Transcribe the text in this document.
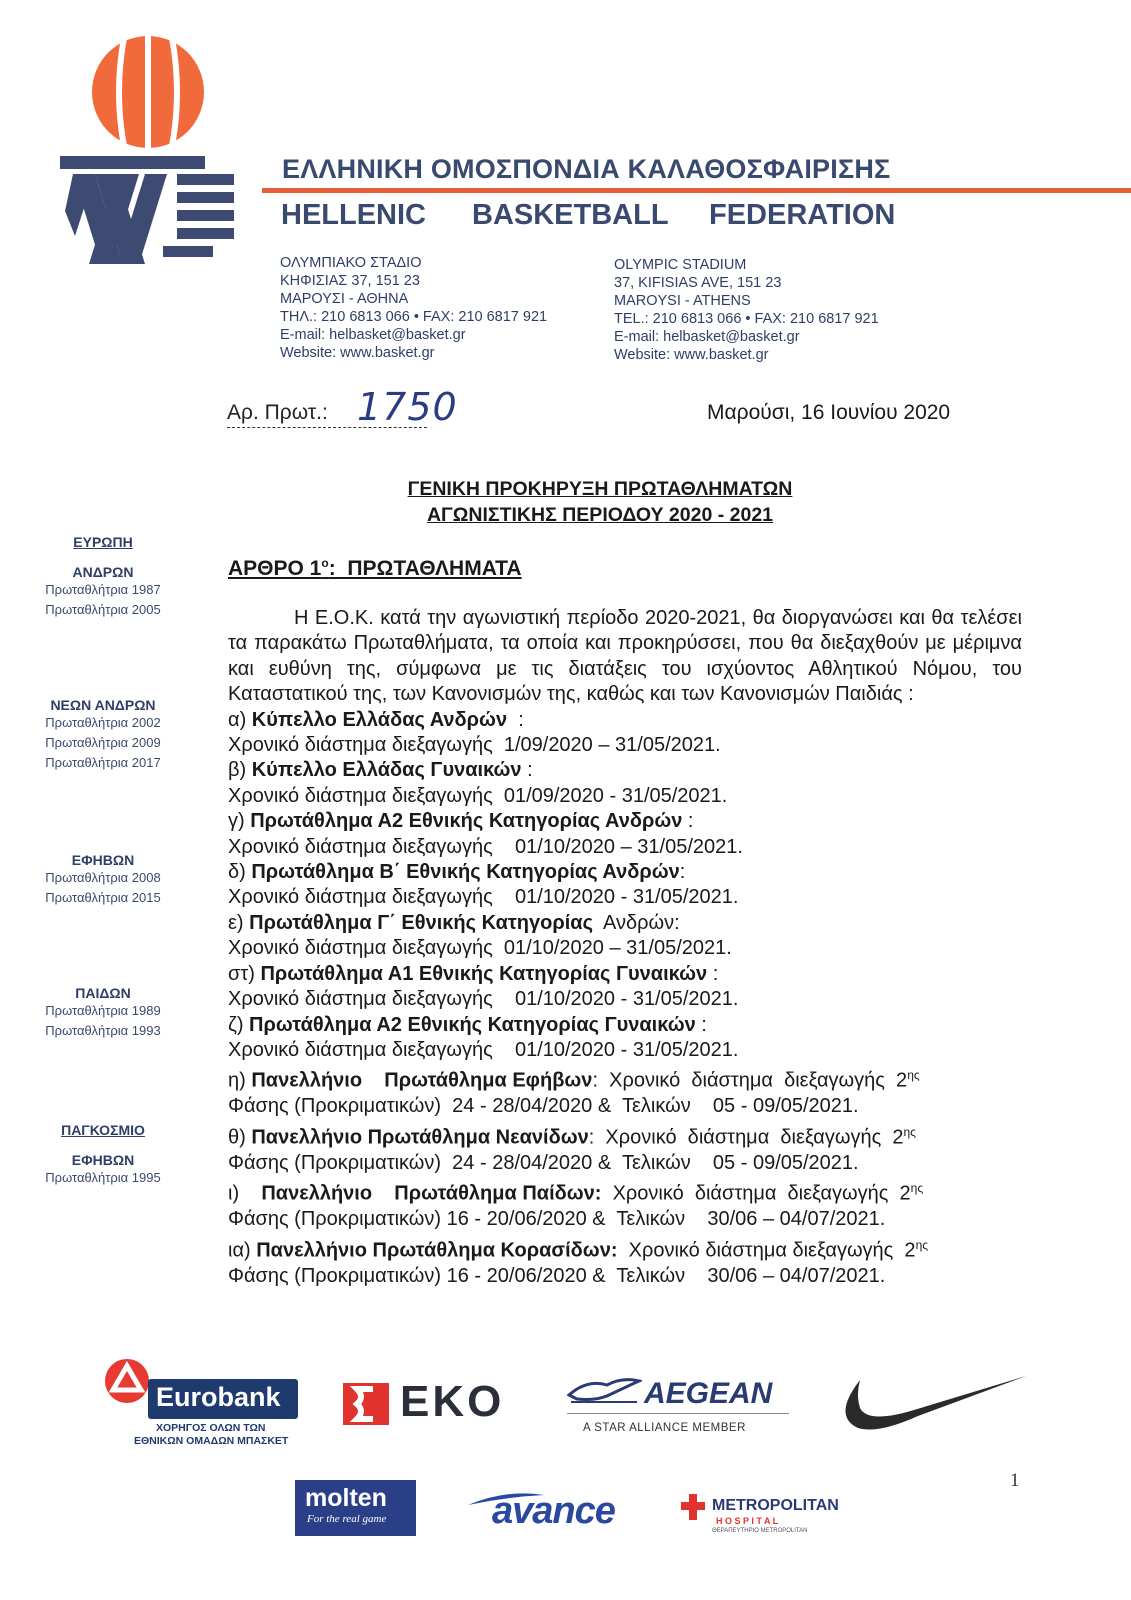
ΕΛΛΗΝΙΚΗ ΟΜΟΣΠΟΝΔΙΑ ΚΑΛΑΘΟΣΦΑΙΡΙΣΗΣ
HELLENIC BASKETBALL FEDERATION
ΟΛΥΜΠΙΑΚΟ ΣΤΑΔΙΟ
ΚΗΦΙΣΙΑΣ 37, 151 23
ΜΑΡΟΥΣΙ - ΑΘΗΝΑ
ΤΗΛ.: 210 6813 066 • FAX: 210 6817 921
E-mail: helbasket@basket.gr
Website: www.basket.gr
OLYMPIC STADIUM
37, KIFISIAS AVE, 151 23
MAROYSI - ATHENS
TEL.: 210 6813 066 • FAX: 210 6817 921
E-mail: helbasket@basket.gr
Website: www.basket.gr
Αρ. Πρωτ.: 1750	Μαρούσι, 16 Ιουνίου 2020
ΓΕΝΙΚΗ ΠΡΟΚΗΡΥΞΗ ΠΡΩΤΑΘΛΗΜΑΤΩΝ
ΑΓΩΝΙΣΤΙΚΗΣ ΠΕΡΙΟΔΟΥ 2020 - 2021
ΑΡΘΡΟ $1^o$:  ΠΡΩΤΑΘΛΗΜΑΤΑ

Η Ε.Ο.Κ. κατά την αγωνιστική περίοδο 2020-2021, θα διοργανώσει και θα τελέσει τα παρακάτω Πρωταθλήματα, τα οποία και προκηρύσσει, που θα διεξαχθούν με μέριμνα και ευθύνη της, σύμφωνα με τις διατάξεις του ισχύοντος Αθλητικού Νόμου, του Καταστατικού της, των Κανονισμών της, καθώς και των Κανονισμών Παιδιάς :

α) Κύπελλο Ελλάδας Ανδρών  :

Χρονικό διάστημα διεξαγωγής  1/09/2020 – 31/05/2021.

β) Κύπελλο Ελλάδας Γυναικών :

Χρονικό διάστημα διεξαγωγής  01/09/2020 - 31/05/2021.

γ) Πρωτάθλημα Α2 Εθνικής Κατηγορίας Ανδρών :

Χρονικό διάστημα διεξαγωγής    01/10/2020 – 31/05/2021.

δ) Πρωτάθλημα Β΄ Εθνικής Κατηγορίας Ανδρών:

Χρονικό διάστημα διεξαγωγής    01/10/2020 - 31/05/2021.

ε) Πρωτάθλημα Γ΄ Εθνικής Κατηγορίας  Ανδρών:

Χρονικό διάστημα διεξαγωγής  01/10/2020 – 31/05/2021.

στ) Πρωτάθλημα Α1 Εθνικής Κατηγορίας Γυναικών :

Χρονικό διάστημα διεξαγωγής    01/10/2020 - 31/05/2021.

ζ) Πρωτάθλημα Α2 Εθνικής Κατηγορίας Γυναικών :

Χρονικό διάστημα διεξαγωγής    01/10/2020 - 31/05/2021.

η) Πανελλήνιο    Πρωτάθλημα Εφήβων:  Χρονικό  διάστημα  διεξαγωγής  $2^{\eta\varsigma}$

Φάσης (Προκριματικών)  24 - 28/04/2020 &  Τελικών    05 - 09/05/2021.

θ) Πανελλήνιο Πρωτάθλημα Νεανίδων:  Χρονικό  διάστημα  διεξαγωγής  $2^{\eta\varsigma}$

Φάσης (Προκριματικών)  24 - 28/04/2020 &  Τελικών    05 - 09/05/2021.

ι)    Πανελλήνιο    Πρωτάθλημα Παίδων:  Χρονικό  διάστημα  διεξαγωγής  $2^{\eta\varsigma}$

Φάσης (Προκριματικών) 16 - 20/06/2020 &  Τελικών    30/06 – 04/07/2021.

ια) Πανελλήνιο Πρωτάθλημα Κορασίδων:  Χρονικό διάστημα διεξαγωγής  $2^{\eta\varsigma}$

Φάσης (Προκριματικών) 16 - 20/06/2020 &  Τελικών    30/06 – 04/07/2021.

ΕΥΡΩΠΗ
ΑΝΔΡΩΝ
Πρωταθλήτρια 1987
Πρωταθλήτρια 2005
ΝΕΩΝ ΑΝΔΡΩΝ
Πρωταθλήτρια 2002
Πρωταθλήτρια 2009
Πρωταθλήτρια 2017
ΕΦΗΒΩΝ
Πρωταθλήτρια 2008
Πρωταθλήτρια 2015
ΠΑΙΔΩΝ
Πρωταθλήτρια 1989
Πρωταθλήτρια 1993
ΠΑΓΚΟΣΜΙΟ
ΕΦΗΒΩΝ
Πρωταθλήτρια 1995
Eurobank
ΧΟΡΗΓΟΣ ΟΛΩΝ ΤΩΝ
ΕΘΝΙΚΩΝ ΟΜΑΔΩΝ ΜΠΑΣΚΕΤ
EKO	AEGEAN
A STAR ALLIANCE MEMBER
molten
For the real game	avance	METROPOLITAN
H O S P I T A L
ΘΕΡΑΠΕΥΤΗΡΙΟ METROPOLITAN
1
